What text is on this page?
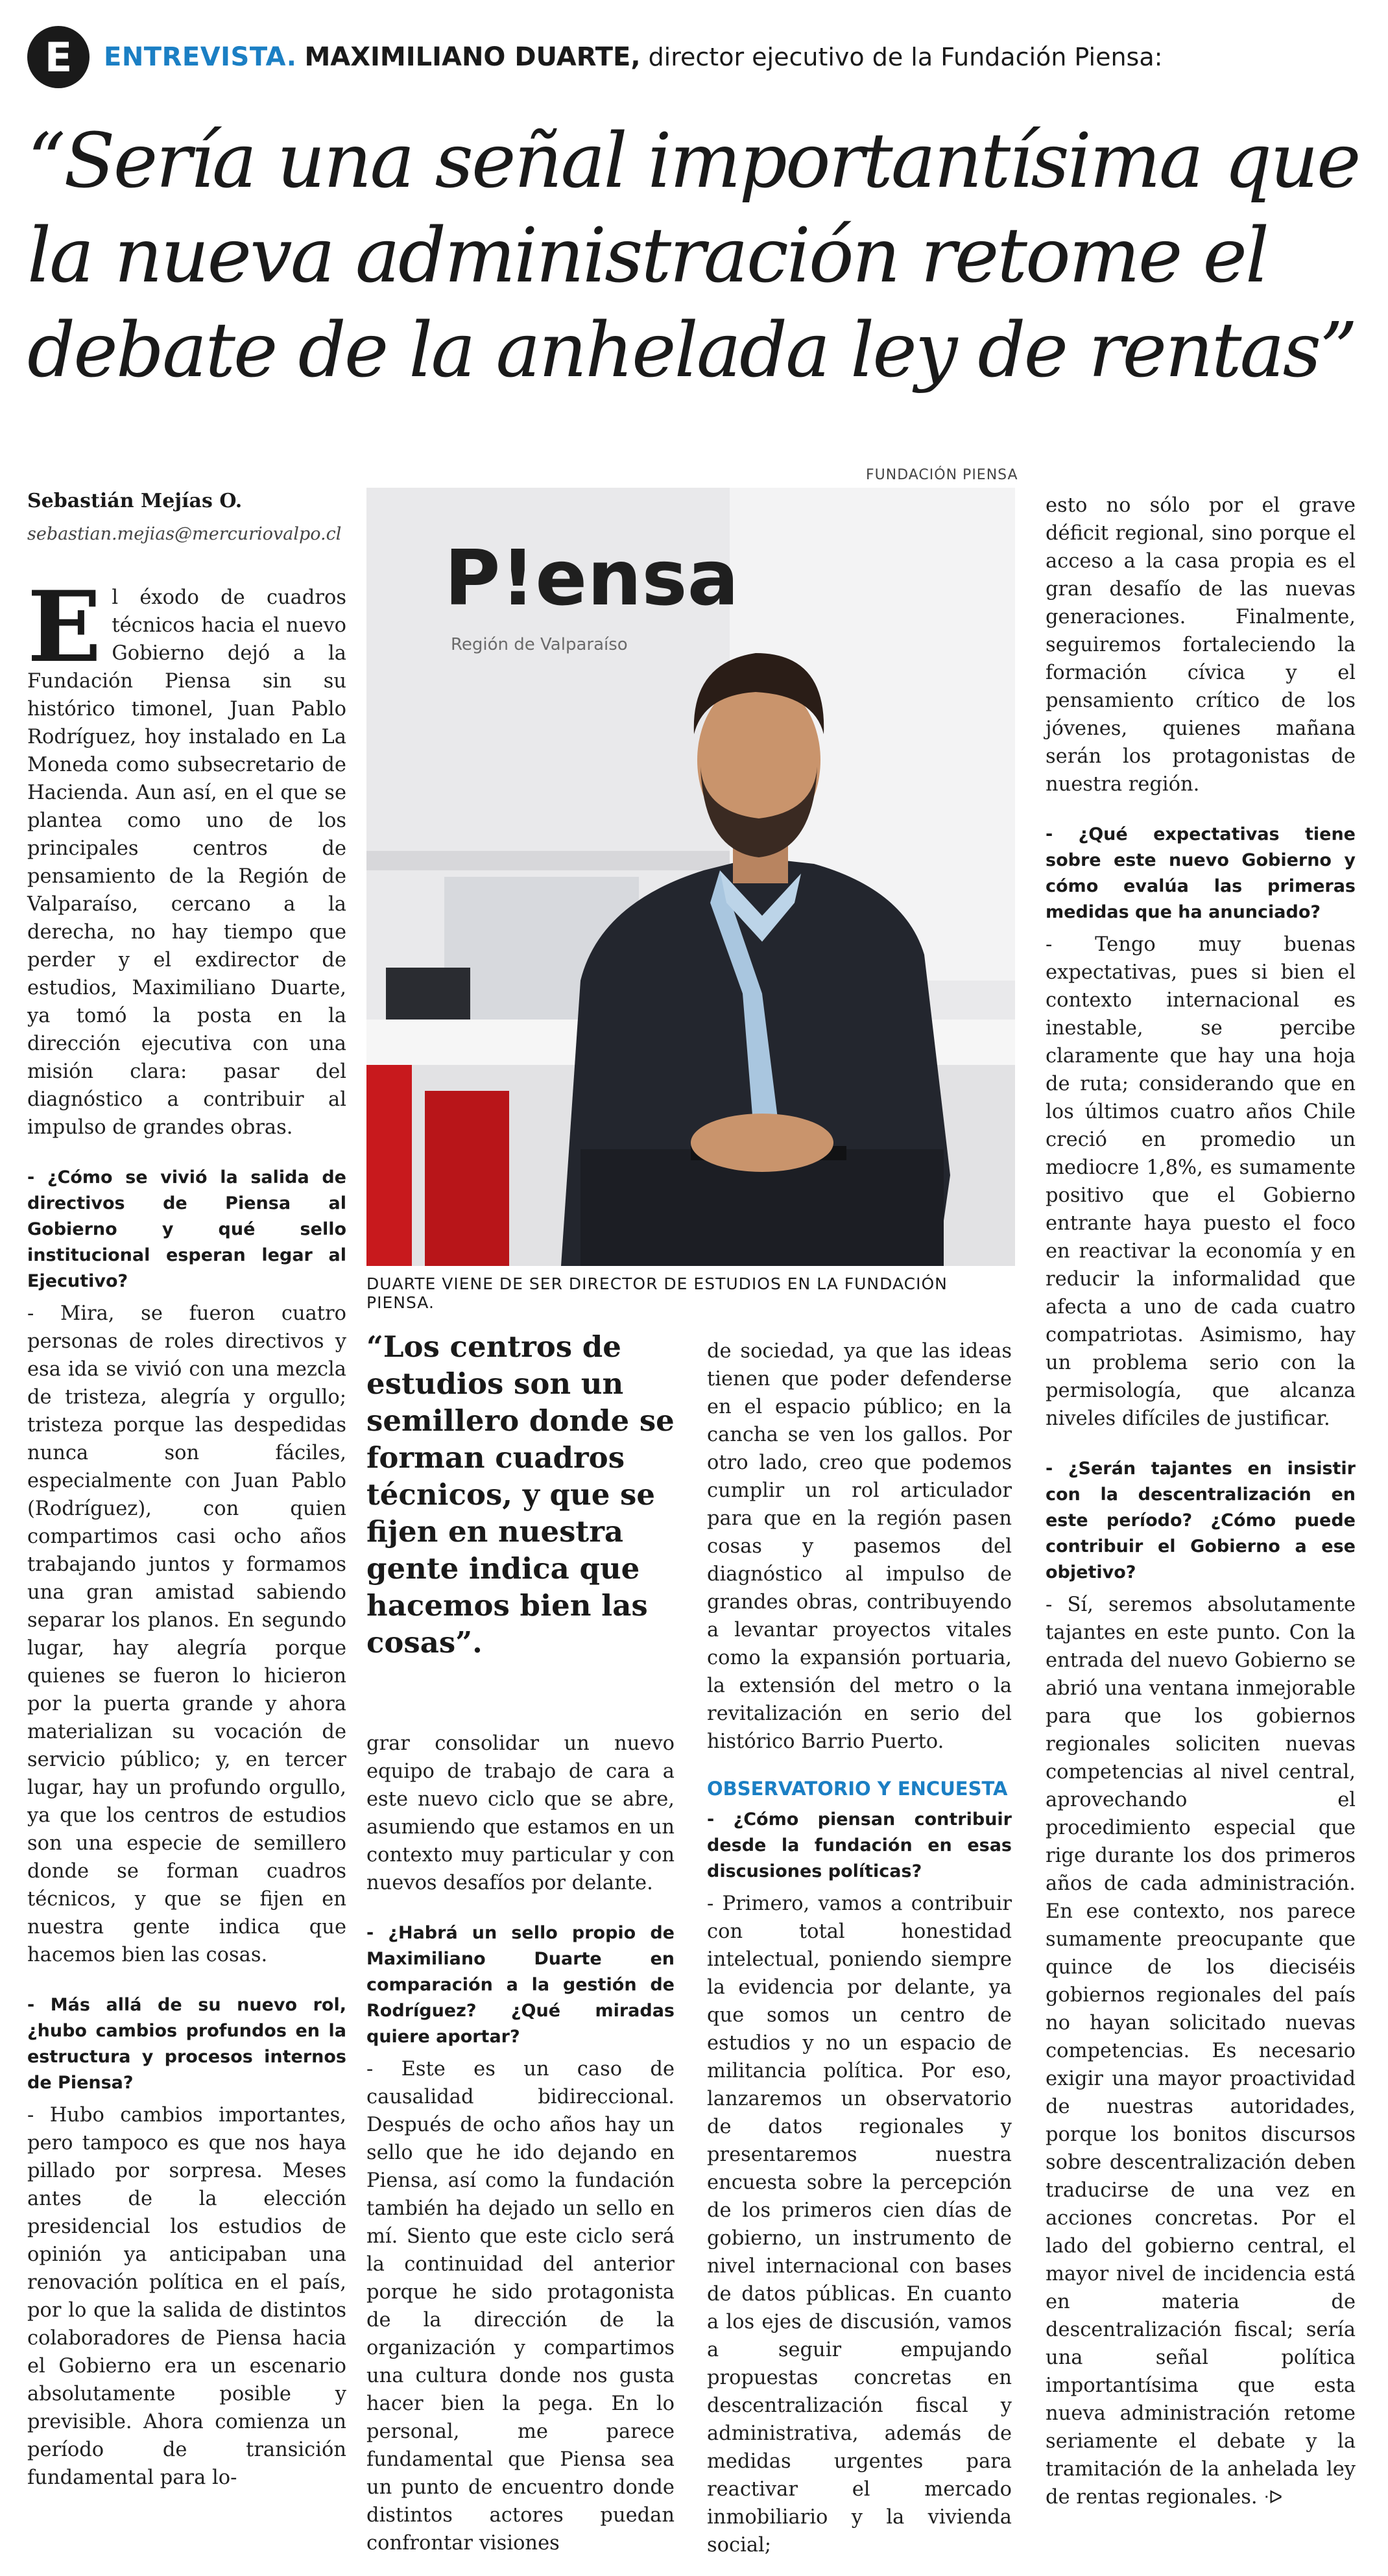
E	ENTREVISTA. MAXIMILIANO DUARTE, director ejecutivo de la Fundación Piensa:
“Sería una señal importantísima que la nueva administración retome el debate de la anhelada ley de rentas”
Sebastián Mejías O.
sebastian.mejias@mercuriovalpo.cl
FUNDACIÓN PIENSA
P!ensa
Región de Valparaíso
DUARTE VIENE DE SER DIRECTOR DE ESTUDIOS EN LA FUNDACIÓN PIENSA.

El éxodo de cuadros técnicos hacia el nuevo Gobierno dejó a la Fundación Piensa sin su histórico timonel, Juan Pablo Rodríguez, hoy instalado en La Moneda como subsecretario de Hacienda. Aun así, en el que se plantea como uno de los principales centros de pensamiento de la Región de Valparaíso, cercano a la derecha, no hay tiempo que perder y el exdirector de estudios, Maximiliano Duarte, ya tomó la posta en la dirección ejecutiva con una misión clara: pasar del diagnóstico a contribuir al impulso de grandes obras.

- ¿Cómo se vivió la salida de directivos de Piensa al Gobierno y qué sello institucional esperan legar al Ejecutivo?

- Mira, se fueron cuatro personas de roles directivos y esa ida se vivió con una mezcla de tristeza, alegría y orgullo; tristeza porque las despedidas nunca son fáciles, especialmente con Juan Pablo (Rodríguez), con quien compartimos casi ocho años trabajando juntos y formamos una gran amistad sabiendo separar los planos. En segundo lugar, hay alegría porque quienes se fueron lo hicieron por la puerta grande y ahora materializan su vocación de servicio público; y, en tercer lugar, hay un profundo orgullo, ya que los centros de estudios son una especie de semillero donde se forman cuadros técnicos, y que se fijen en nuestra gente indica que hacemos bien las cosas.

- Más allá de su nuevo rol, ¿hubo cambios profundos en la estructura y procesos internos de Piensa?

- Hubo cambios importantes, pero tampoco es que nos haya pillado por sorpresa. Meses antes de la elección presidencial los estudios de opinión ya anticipaban una renovación política en el país, por lo que la salida de distintos colaboradores de Piensa hacia el Gobierno era un escenario absolutamente posible y previsible. Ahora comienza un período de transición fundamental para lo-

“Los centros de estudios son un semillero donde se forman cuadros técnicos, y que se fijen en nuestra gente indica que hacemos bien las cosas”.

grar consolidar un nuevo equipo de trabajo de cara a este nuevo ciclo que se abre, asumiendo que estamos en un contexto muy particular y con nuevos desafíos por delante.

- ¿Habrá un sello propio de Maximiliano Duarte en comparación a la gestión de Rodríguez? ¿Qué miradas quiere aportar?

- Este es un caso de causalidad bidireccional. Después de ocho años hay un sello que he ido dejando en Piensa, así como la fundación también ha dejado un sello en mí. Siento que este ciclo será la continuidad del anterior porque he sido protagonista de la dirección de la organización y compartimos una cultura donde nos gusta hacer bien la pega. En lo personal, me parece fundamental que Piensa sea un punto de encuentro donde distintos actores puedan confrontar visiones

de sociedad, ya que las ideas tienen que poder defenderse en el espacio público; en la cancha se ven los gallos. Por otro lado, creo que podemos cumplir un rol articulador para que en la región pasen cosas y pasemos del diagnóstico al impulso de grandes obras, contribuyendo a levantar proyectos vitales como la expansión portuaria, la extensión del metro o la revitalización en serio del histórico Barrio Puerto.

OBSERVATORIO Y ENCUESTA

- ¿Cómo piensan contribuir desde la fundación en esas discusiones políticas?

- Primero, vamos a contribuir con total honestidad intelectual, poniendo siempre la evidencia por delante, ya que somos un centro de estudios y no un espacio de militancia política. Por eso, lanzaremos un observatorio de datos regionales y presentaremos nuestra encuesta sobre la percepción de los primeros cien días de gobierno, un instrumento de nivel internacional con bases de datos públicas. En cuanto a los ejes de discusión, vamos a seguir empujando propuestas concretas en descentralización fiscal y administrativa, además de medidas urgentes para reactivar el mercado inmobiliario y la vivienda social;

esto no sólo por el grave déficit regional, sino porque el acceso a la casa propia es el gran desafío de las nuevas generaciones. Finalmente, seguiremos fortaleciendo la formación cívica y el pensamiento crítico de los jóvenes, quienes mañana serán los protagonistas de nuestra región.

- ¿Qué expectativas tiene sobre este nuevo Gobierno y cómo evalúa las primeras medidas que ha anunciado?

- Tengo muy buenas expectativas, pues si bien el contexto internacional es inestable, se percibe claramente que hay una hoja de ruta; considerando que en los últimos cuatro años Chile creció en promedio un mediocre 1,8%, es sumamente positivo que el Gobierno entrante haya puesto el foco en reactivar la economía y en reducir la informalidad que afecta a uno de cada cuatro compatriotas. Asimismo, hay un problema serio con la permisología, que alcanza niveles difíciles de justificar.

- ¿Serán tajantes en insistir con la descentralización en este período? ¿Cómo puede contribuir el Gobierno a ese objetivo?

- Sí, seremos absolutamente tajantes en este punto. Con la entrada del nuevo Gobierno se abrió una ventana inmejorable para que los gobiernos regionales soliciten nuevas competencias al nivel central, aprovechando el procedimiento especial que rige durante los dos primeros años de cada administración. En ese contexto, nos parece sumamente preocupante que quince de los dieciséis gobiernos regionales del país no hayan solicitado nuevas competencias. Es necesario exigir una mayor proactividad de nuestras autoridades, porque los bonitos discursos sobre descentralización deben traducirse de una vez en acciones concretas. Por el lado del gobierno central, el mayor nivel de incidencia está en materia de descentralización fiscal; sería una señal política importantísima que esta nueva administración retome seriamente el debate y la tramitación de la anhelada ley de rentas regionales. ᐧᐅ
